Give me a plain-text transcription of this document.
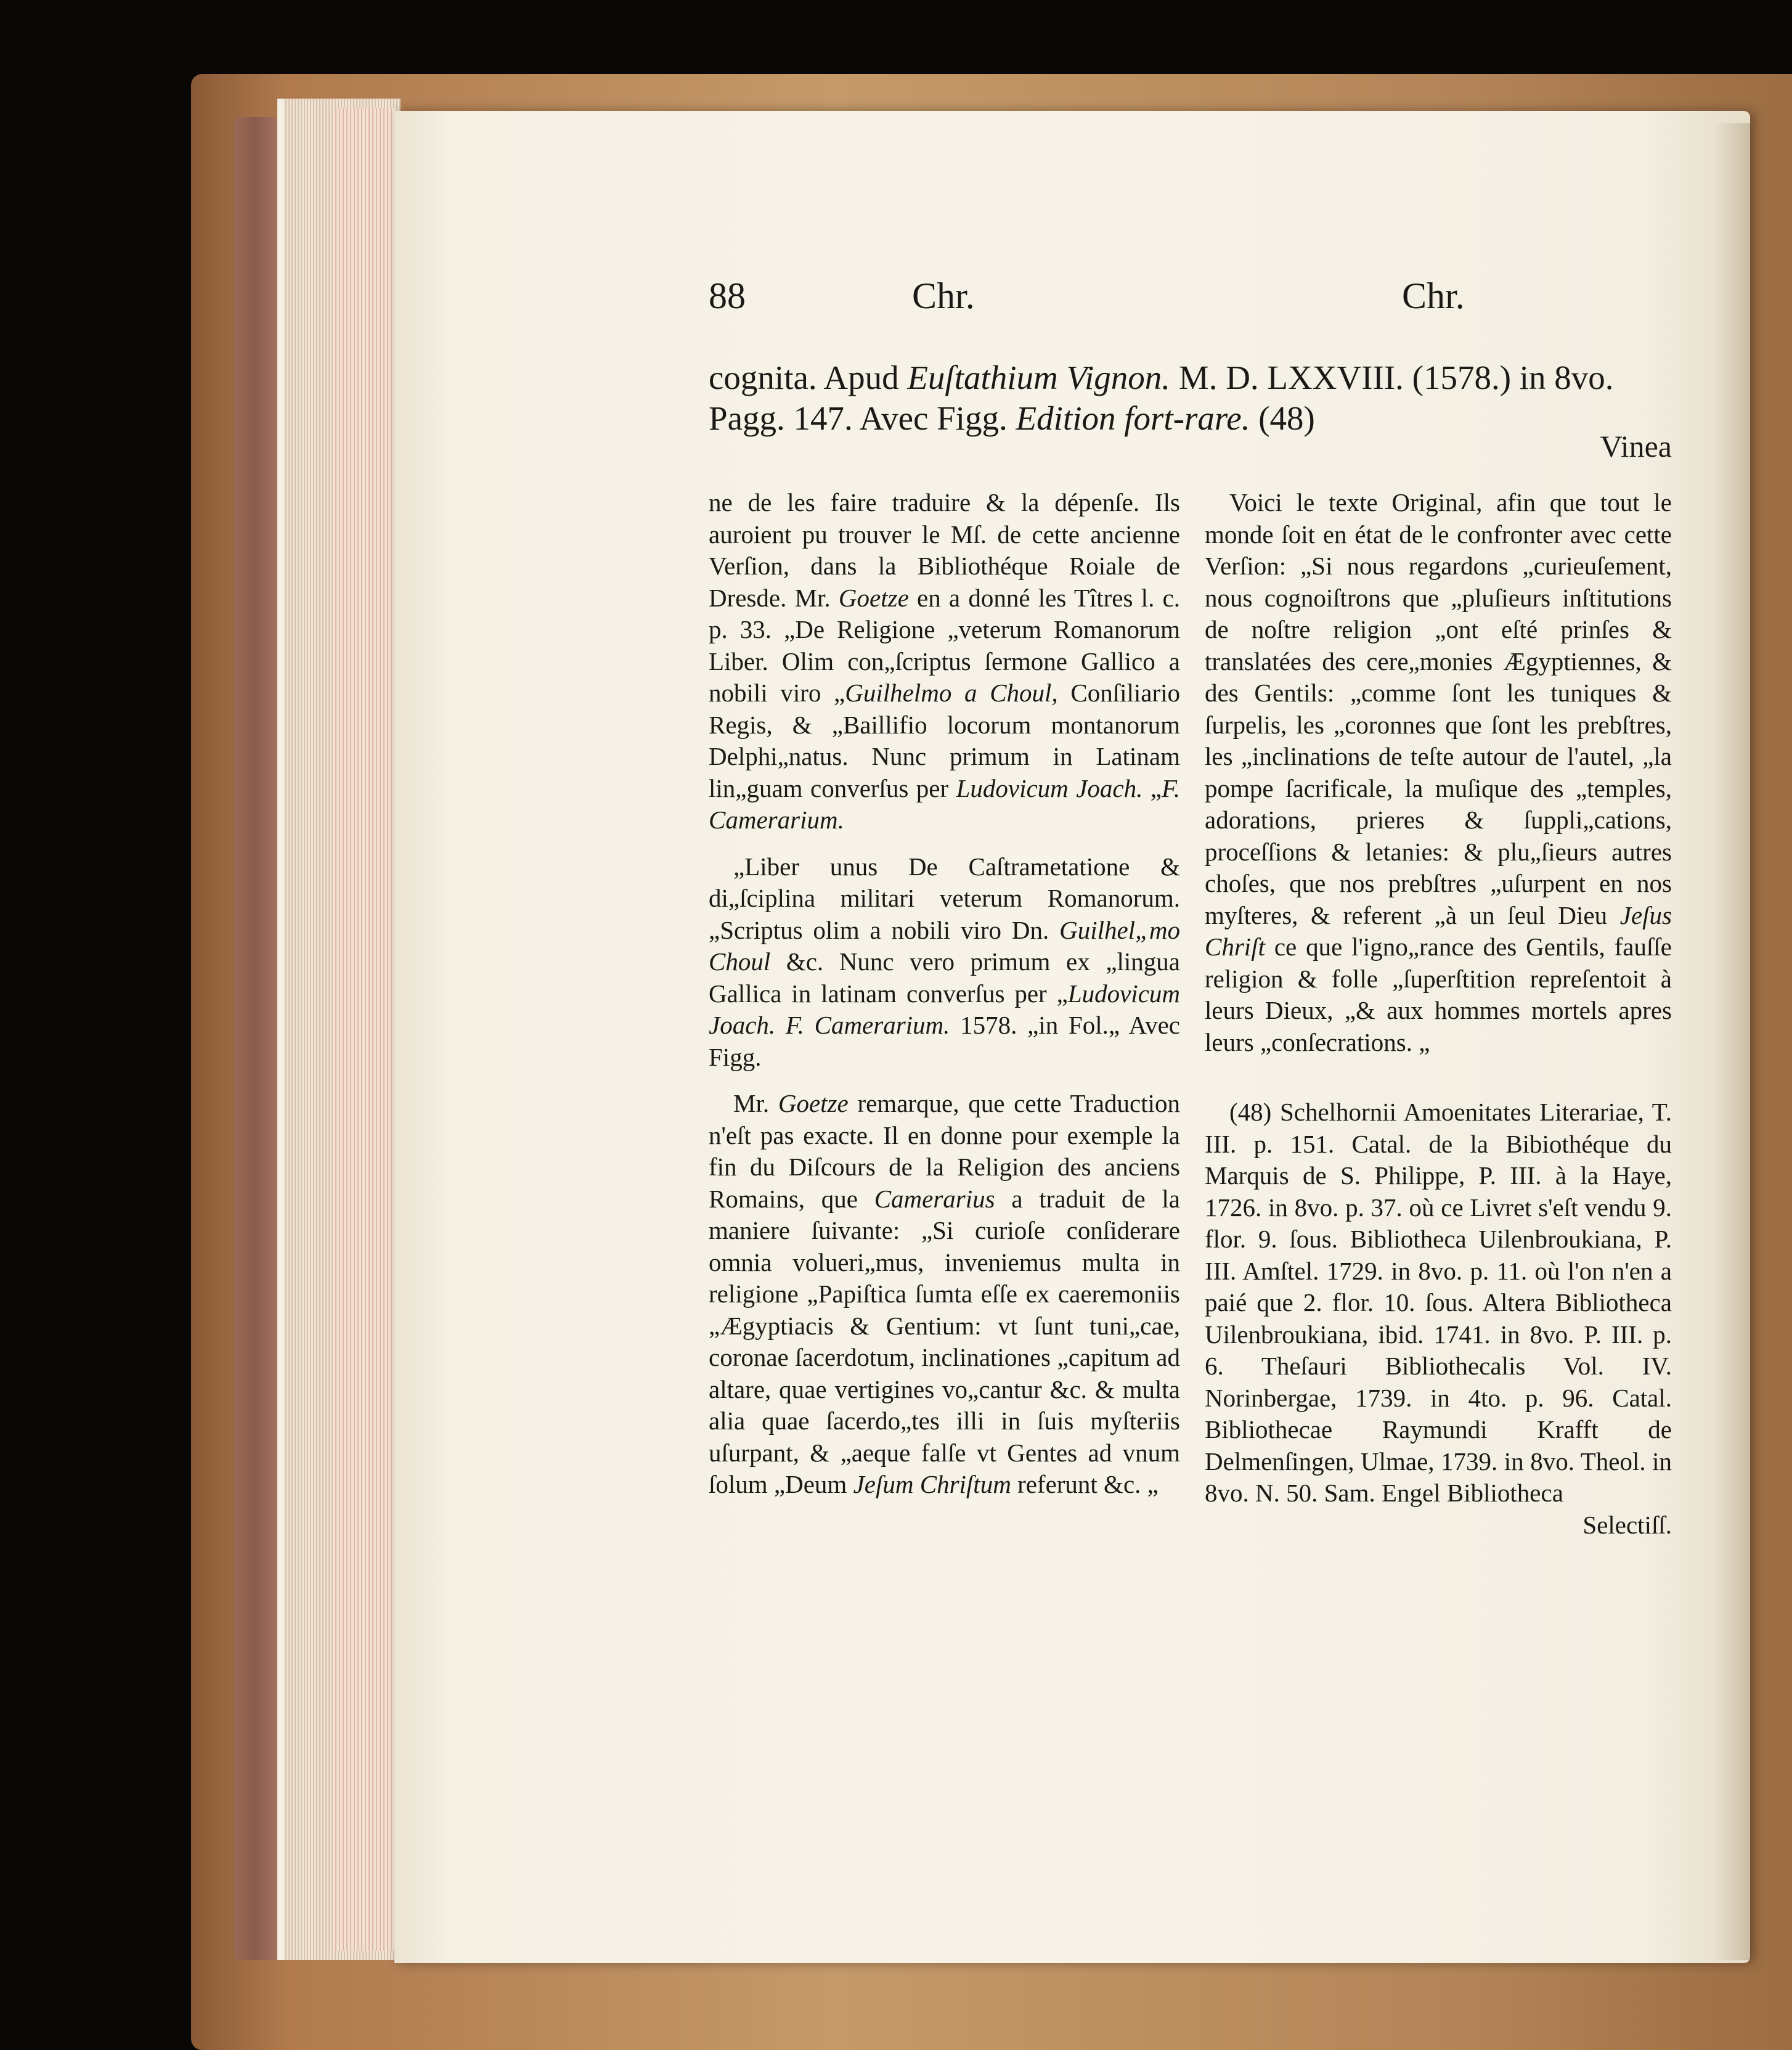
88	Chr.	Chr.
cognita. Apud Euſtathium Vignon. M. D. LXXVIII. (1578.) in 8vo.
Pagg. 147. Avec Figg. Edition fort-rare. (48)
Vinea

ne de les faire traduire & la dépenſe. Ils auroient pu trouver le Mſ. de cette ancienne Verſion, dans la Bibliothéque Roiale de Dresde. Mr. Goetze en a donné les Tîtres l. c. p. 33. „De Religione „veterum Romanorum Liber. Olim con„ſcriptus ſermone Gallico a nobili viro „Guilhelmo a Choul, Conſiliario Regis, & „Baillifio locorum montanorum Delphi„natus. Nunc primum in Latinam lin„guam converſus per Ludovicum Joach. „F. Camerarium.

„Liber unus De Caſtrametatione & di„ſciplina militari veterum Romanorum. „Scriptus olim a nobili viro Dn. Guilhel„mo Choul &c. Nunc vero primum ex „lingua Gallica in latinam converſus per „Ludovicum Joach. F. Camerarium. 1578. „in Fol.„ Avec Figg.

Mr. Goetze remarque, que cette Traduction n'eſt pas exacte. Il en donne pour exemple la fin du Diſcours de la Religion des anciens Romains, que Camerarius a traduit de la maniere ſuivante: „Si curioſe conſiderare omnia volueri„mus, inveniemus multa in religione „Papiſtica ſumta eſſe ex caeremoniis „Ægyptiacis & Gentium: vt ſunt tuni„cae, coronae ſacerdotum, inclinationes „capitum ad altare, quae vertigines vo„cantur &c. & multa alia quae ſacerdo„tes illi in ſuis myſteriis uſurpant, & „aeque falſe vt Gentes ad vnum ſolum „Deum Jeſum Chriſtum referunt &c. „

Voici le texte Original, afin que tout le monde ſoit en état de le confronter avec cette Verſion: „Si nous regardons „curieuſement, nous cognoiſtrons que „pluſieurs inſtitutions de noſtre religion „ont eſté prinſes & translatées des cere„monies Ægyptiennes, & des Gentils: „comme ſont les tuniques & ſurpelis, les „coronnes que ſont les prebſtres, les „inclinations de teſte autour de l'autel, „la pompe ſacrificale, la muſique des „temples, adorations, prieres & ſuppli„cations, proceſſions & letanies: & plu„ſieurs autres choſes, que nos prebſtres „uſurpent en nos myſteres, & referent „à un ſeul Dieu Jeſus Chriſt ce que l'igno„rance des Gentils, fauſſe religion & folle „ſuperſtition repreſentoit à leurs Dieux, „& aux hommes mortels apres leurs „conſecrations. „

(48) Schelhornii Amoenitates Literariae, T. III. p. 151. Catal. de la Bibiothéque du Marquis de S. Philippe, P. III. à la Haye, 1726. in 8vo. p. 37. où ce Livret s'eſt vendu 9. flor. 9. ſous. Bibliotheca Uilenbroukiana, P. III. Amſtel. 1729. in 8vo. p. 11. où l'on n'en a paié que 2. flor. 10. ſous. Altera Bibliotheca Uilenbroukiana, ibid. 1741. in 8vo. P. III. p. 6. Theſauri Bibliothecalis Vol. IV. Norinbergae, 1739. in 4to. p. 96. Catal. Bibliothecae Raymundi Krafft de Delmenſingen, Ulmae, 1739. in 8vo. Theol. in 8vo. N. 50. Sam. Engel Bibliotheca

Selectiſſ.
